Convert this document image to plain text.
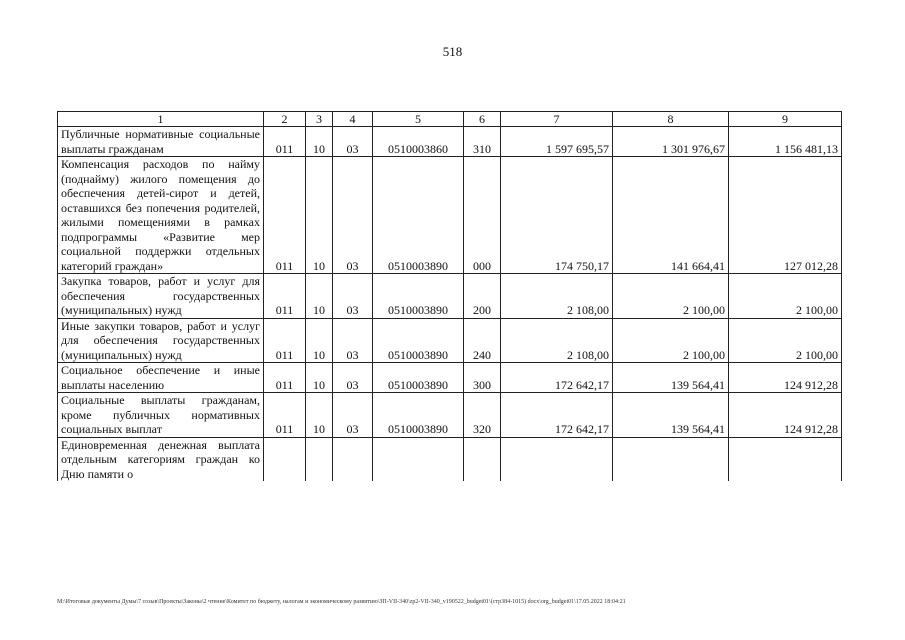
518
1	2	3	4	5	6	7	8	9
Публичные нормативные социальные выплаты гражданам	011	10	03	0510003860	310	1 597 695,57	1 301 976,67	1 156 481,13
Компенсация расходов по найму (поднайму) жилого помещения до обеспечения детей-сирот и детей, оставшихся без попечения родителей, жилыми помещениями в рамках подпрограммы «Развитие мер социальной поддержки отдельных категорий граждан»	011	10	03	0510003890	000	174 750,17	141 664,41	127 012,28
Закупка товаров, работ и услуг для обеспечения государственных (муниципальных) нужд	011	10	03	0510003890	200	2 108,00	2 100,00	2 100,00
Иные закупки товаров, работ и услуг для обеспечения государственных (муниципальных) нужд	011	10	03	0510003890	240	2 108,00	2 100,00	2 100,00
Социальное обеспечение и иные выплаты населению	011	10	03	0510003890	300	172 642,17	139 564,41	124 912,28
Социальные выплаты гражданам, кроме публичных нормативных социальных выплат	011	10	03	0510003890	320	172 642,17	139 564,41	124 912,28
Единовременная денежная выплата отдельным категориям граждан ко Дню памяти о								
M:\Итоговые документы Думы\7 созыв\Проекты\Законы\2 чтение\Комитет по бюджету, налогам и экономическому развитию\ЗП-VII-340\zp2-VII-340_v190522_budget01\(стр384-1015) docx\org_budget01\17.05.2022 18:04:21
